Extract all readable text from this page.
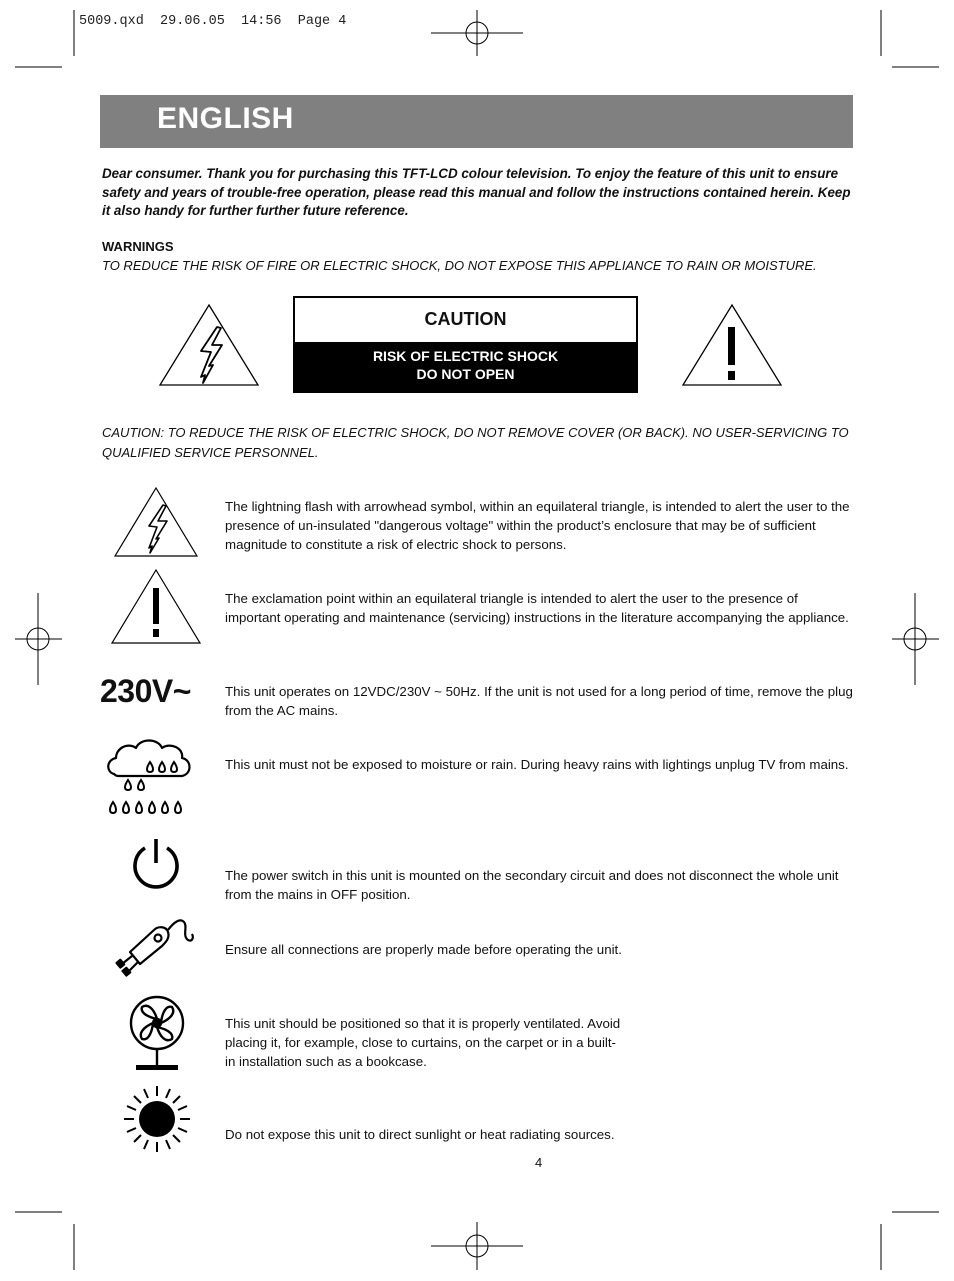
5009.qxd  29.06.05  14:56  Page 4
ENGLISH
Dear consumer. Thank you for purchasing this TFT-LCD colour television. To enjoy the feature of this unit to ensure safety and years of trouble-free operation, please read this manual and follow the instructions contained herein. Keep it also handy for further further future reference.
WARNINGS
TO REDUCE THE RISK OF FIRE OR ELECTRIC SHOCK, DO NOT EXPOSE THIS APPLIANCE TO RAIN OR MOISTURE.
CAUTION
RISK OF ELECTRIC SHOCK
DO NOT OPEN
CAUTION: TO REDUCE THE RISK OF ELECTRIC SHOCK, DO NOT REMOVE COVER (OR BACK). NO USER-SERVICING TO QUALIFIED SERVICE PERSONNEL.
The lightning flash with arrowhead symbol, within an equilateral triangle, is intended to alert the user to the presence of un-insulated "dangerous voltage" within the product’s enclosure that may be of sufficient magnitude to constitute a risk of electric shock to persons.
The exclamation point within an equilateral triangle is intended to alert the user to the presence of important operating and maintenance (servicing) instructions in the literature accompanying the appliance.
230V~	This unit operates on 12VDC/230V ~ 50Hz. If the unit is not used for a long period of time, remove the plug from the AC mains.
This unit must not be exposed to moisture or rain. During heavy rains with lightings unplug TV from mains.
The power switch in this unit is mounted on the secondary circuit and does not disconnect the whole unit from the mains in OFF position.
Ensure all connections are properly made before operating the unit.
This unit should be positioned so that it is properly ventilated. Avoid placing it, for example, close to curtains, on the carpet or in a built-in installation such as a bookcase.
Do not expose this unit to direct sunlight or heat radiating sources.
4
